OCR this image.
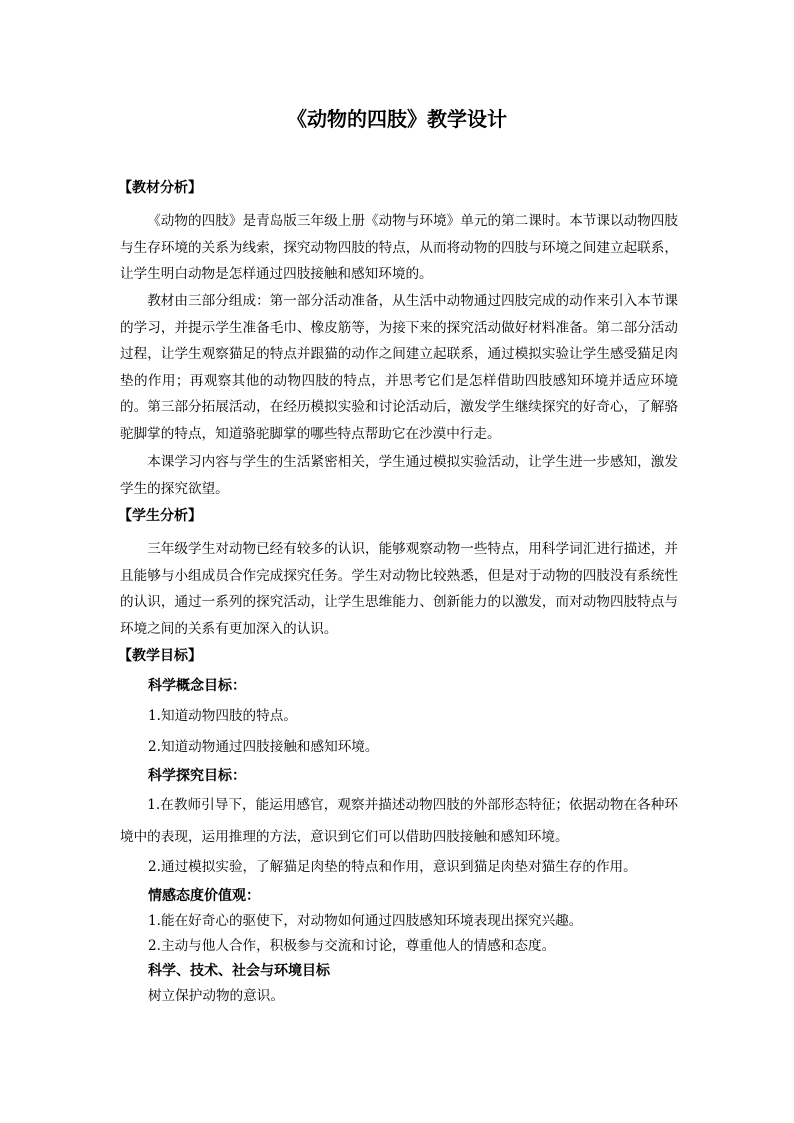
《动物的四肢》教学设计
【教材分析】

《动物的四肢》是青岛版三年级上册《动物与环境》单元的第二课时。本节课以动物四肢与生存环境的关系为线索，探究动物四肢的特点，从而将动物的四肢与环境之间建立起联系，让学生明白动物是怎样通过四肢接触和感知环境的。

教材由三部分组成：第一部分活动准备，从生活中动物通过四肢完成的动作来引入本节课的学习，并提示学生准备毛巾、橡皮筋等，为接下来的探究活动做好材料准备。第二部分活动过程，让学生观察猫足的特点并跟猫的动作之间建立起联系，通过模拟实验让学生感受猫足肉垫的作用；再观察其他的动物四肢的特点，并思考它们是怎样借助四肢感知环境并适应环境的。第三部分拓展活动，在经历模拟实验和讨论活动后，激发学生继续探究的好奇心，了解骆驼脚掌的特点，知道骆驼脚掌的哪些特点帮助它在沙漠中行走。

本课学习内容与学生的生活紧密相关，学生通过模拟实验活动，让学生进一步感知，激发学生的探究欲望。

【学生分析】

三年级学生对动物已经有较多的认识，能够观察动物一些特点，用科学词汇进行描述，并且能够与小组成员合作完成探究任务。学生对动物比较熟悉，但是对于动物的四肢没有系统性的认识，通过一系列的探究活动，让学生思维能力、创新能力的以激发，而对动物四肢特点与环境之间的关系有更加深入的认识。

【教学目标】
科学概念目标：
1.知道动物四肢的特点。
2.知道动物通过四肢接触和感知环境。
科学探究目标：

1.在教师引导下，能运用感官，观察并描述动物四肢的外部形态特征；依据动物在各种环境中的表现，运用推理的方法，意识到它们可以借助四肢接触和感知环境。

2.通过模拟实验，了解猫足肉垫的特点和作用，意识到猫足肉垫对猫生存的作用。
情感态度价值观：
1.能在好奇心的驱使下，对动物如何通过四肢感知环境表现出探究兴趣。
2.主动与他人合作，积极参与交流和讨论，尊重他人的情感和态度。
科学、技术、社会与环境目标
树立保护动物的意识。
